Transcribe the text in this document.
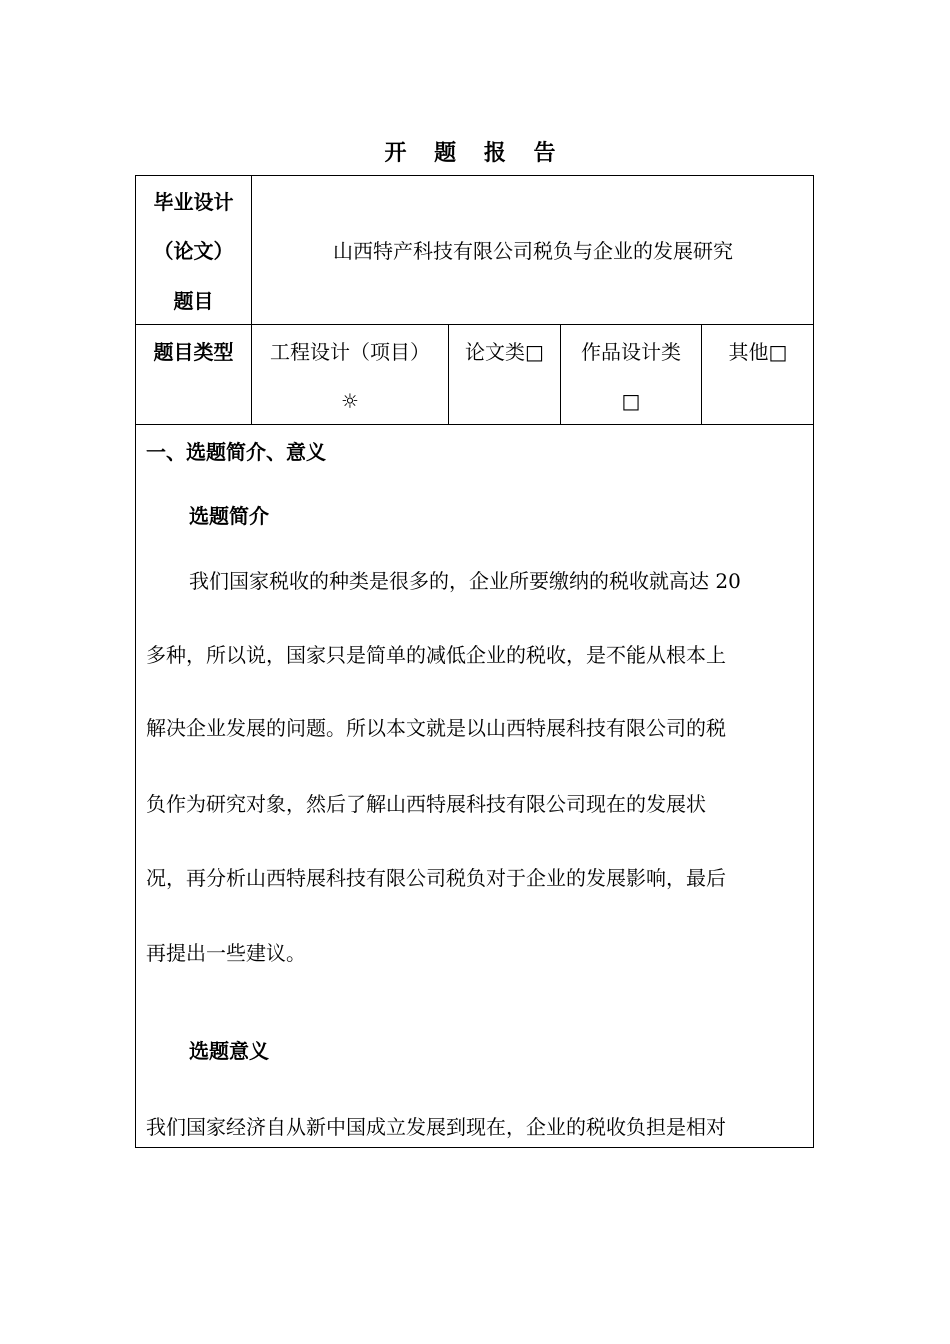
开 题 报 告
毕业设计
（论文）
题目
山西特产科技有限公司税负与企业的发展研究
题目类型	工程设计（项目）
☼
论文类□	作品设计类
□
其他□
一、选题简介、意义
选题简介
我们国家税收的种类是很多的，企业所要缴纳的税收就高达 20
多种，所以说，国家只是简单的减低企业的税收，是不能从根本上
解决企业发展的问题。所以本文就是以山西特展科技有限公司的税
负作为研究对象，然后了解山西特展科技有限公司现在的发展状
况，再分析山西特展科技有限公司税负对于企业的发展影响，最后
再提出一些建议。
选题意义
我们国家经济自从新中国成立发展到现在，企业的税收负担是相对
